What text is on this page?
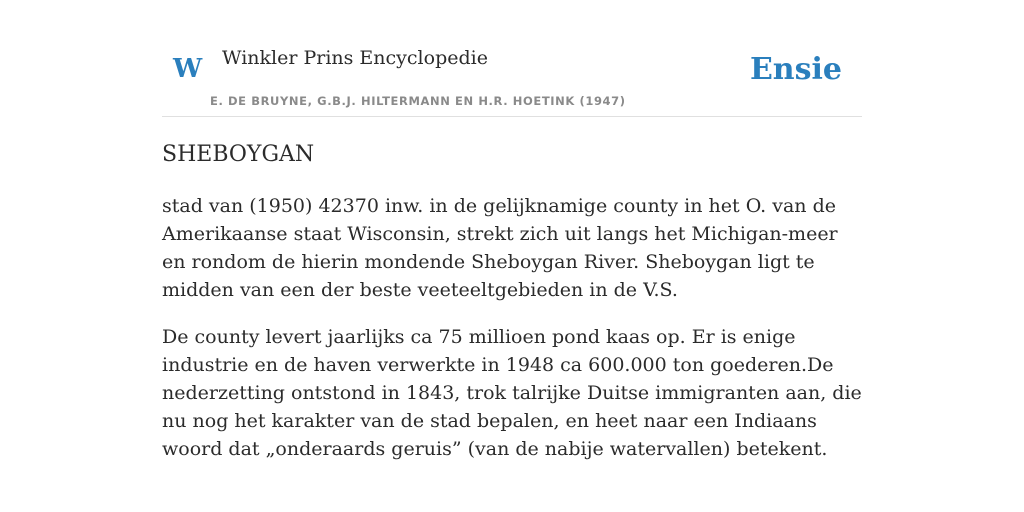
W Winkler Prins Encyclopedie
E. DE BRUYNE, G.B.J. HILTERMANN EN H.R. HOETINK (1947)
Ensie
SHEBOYGAN

stad van (1950) 42370 inw. in de gelijknamige county in het O. van de Amerikaanse staat Wisconsin, strekt zich uit langs het Michigan-meer en rondom de hierin mondende Sheboygan River. Sheboygan ligt te midden van een der beste veeteeltgebieden in de V.S.

De county levert jaarlijks ca 75 millioen pond kaas op. Er is enige industrie en de haven verwerkte in 1948 ca 600.000 ton goederen.De nederzetting ontstond in 1843, trok talrijke Duitse immigranten aan, die nu nog het karakter van de stad bepalen, en heet naar een Indiaans woord dat „onderaards geruis” (van de nabije watervallen) betekent.
